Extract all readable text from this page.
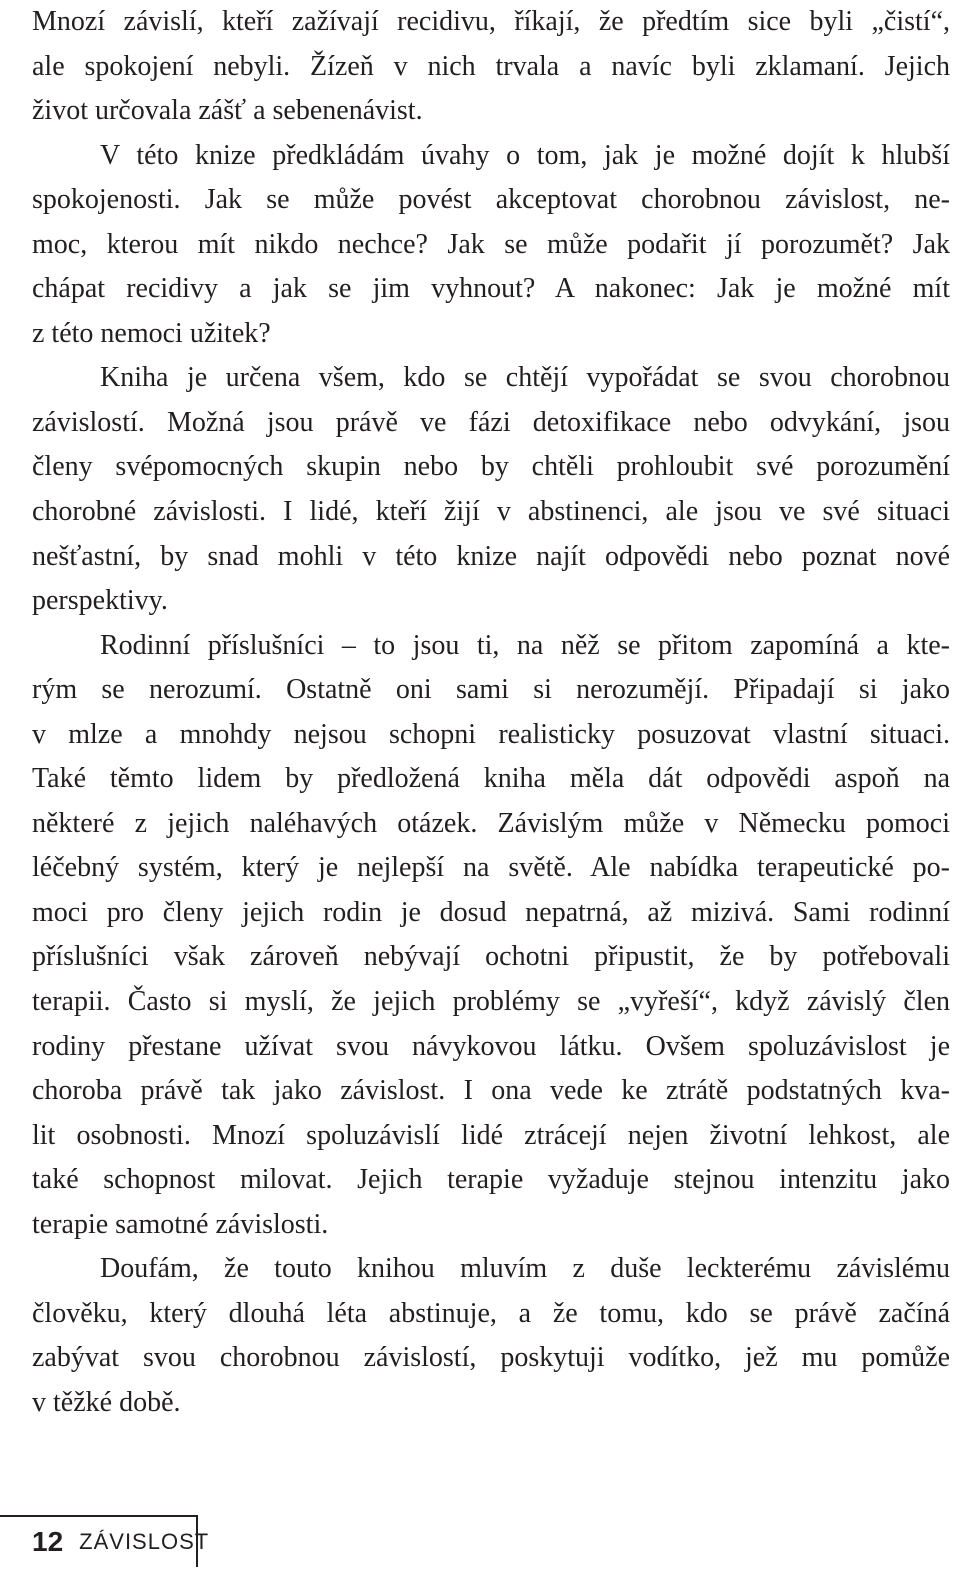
Mnozí závislí, kteří zažívají recidivu, říkají, že předtím sice byli „čistí“,
ale spokojení nebyli. Žízeň v nich trvala a navíc byli zklamaní. Jejich
život určovala zášť a sebenenávist.
V této knize předkládám úvahy o tom, jak je možné dojít k hlubší
spokojenosti. Jak se může povést akceptovat chorobnou závislost, ne-
moc, kterou mít nikdo nechce? Jak se může podařit jí porozumět? Jak
chápat recidivy a jak se jim vyhnout? A nakonec: Jak je možné mít
z této nemoci užitek?
Kniha je určena všem, kdo se chtějí vypořádat se svou chorobnou
závislostí. Možná jsou právě ve fázi detoxifikace nebo odvykání, jsou
členy svépomocných skupin nebo by chtěli prohloubit své porozumění
chorobné závislosti. I lidé, kteří žijí v abstinenci, ale jsou ve své situaci
nešťastní, by snad mohli v této knize najít odpovědi nebo poznat nové
perspektivy.
Rodinní příslušníci – to jsou ti, na něž se přitom zapomíná a kte-
rým se nerozumí. Ostatně oni sami si nerozumějí. Připadají si jako
v mlze a mnohdy nejsou schopni realisticky posuzovat vlastní situaci.
Také těmto lidem by předložená kniha měla dát odpovědi aspoň na
některé z jejich naléhavých otázek. Závislým může v Německu pomoci
léčebný systém, který je nejlepší na světě. Ale nabídka terapeutické po-
moci pro členy jejich rodin je dosud nepatrná, až mizivá. Sami rodinní
příslušníci však zároveň nebývají ochotni připustit, že by potřebovali
terapii. Často si myslí, že jejich problémy se „vyřeší“, když závislý člen
rodiny přestane užívat svou návykovou látku. Ovšem spoluzávislost je
choroba právě tak jako závislost. I ona vede ke ztrátě podstatných kva-
lit osobnosti. Mnozí spoluzávislí lidé ztrácejí nejen životní lehkost, ale
také schopnost milovat. Jejich terapie vyžaduje stejnou intenzitu jako
terapie samotné závislosti.
Doufám, že touto knihou mluvím z duše leckterému závislému
člověku, který dlouhá léta abstinuje, a že tomu, kdo se právě začíná
zabývat svou chorobnou závislostí, poskytuji vodítko, jež mu pomůže
v těžké době.
12 ZÁVISLOST
